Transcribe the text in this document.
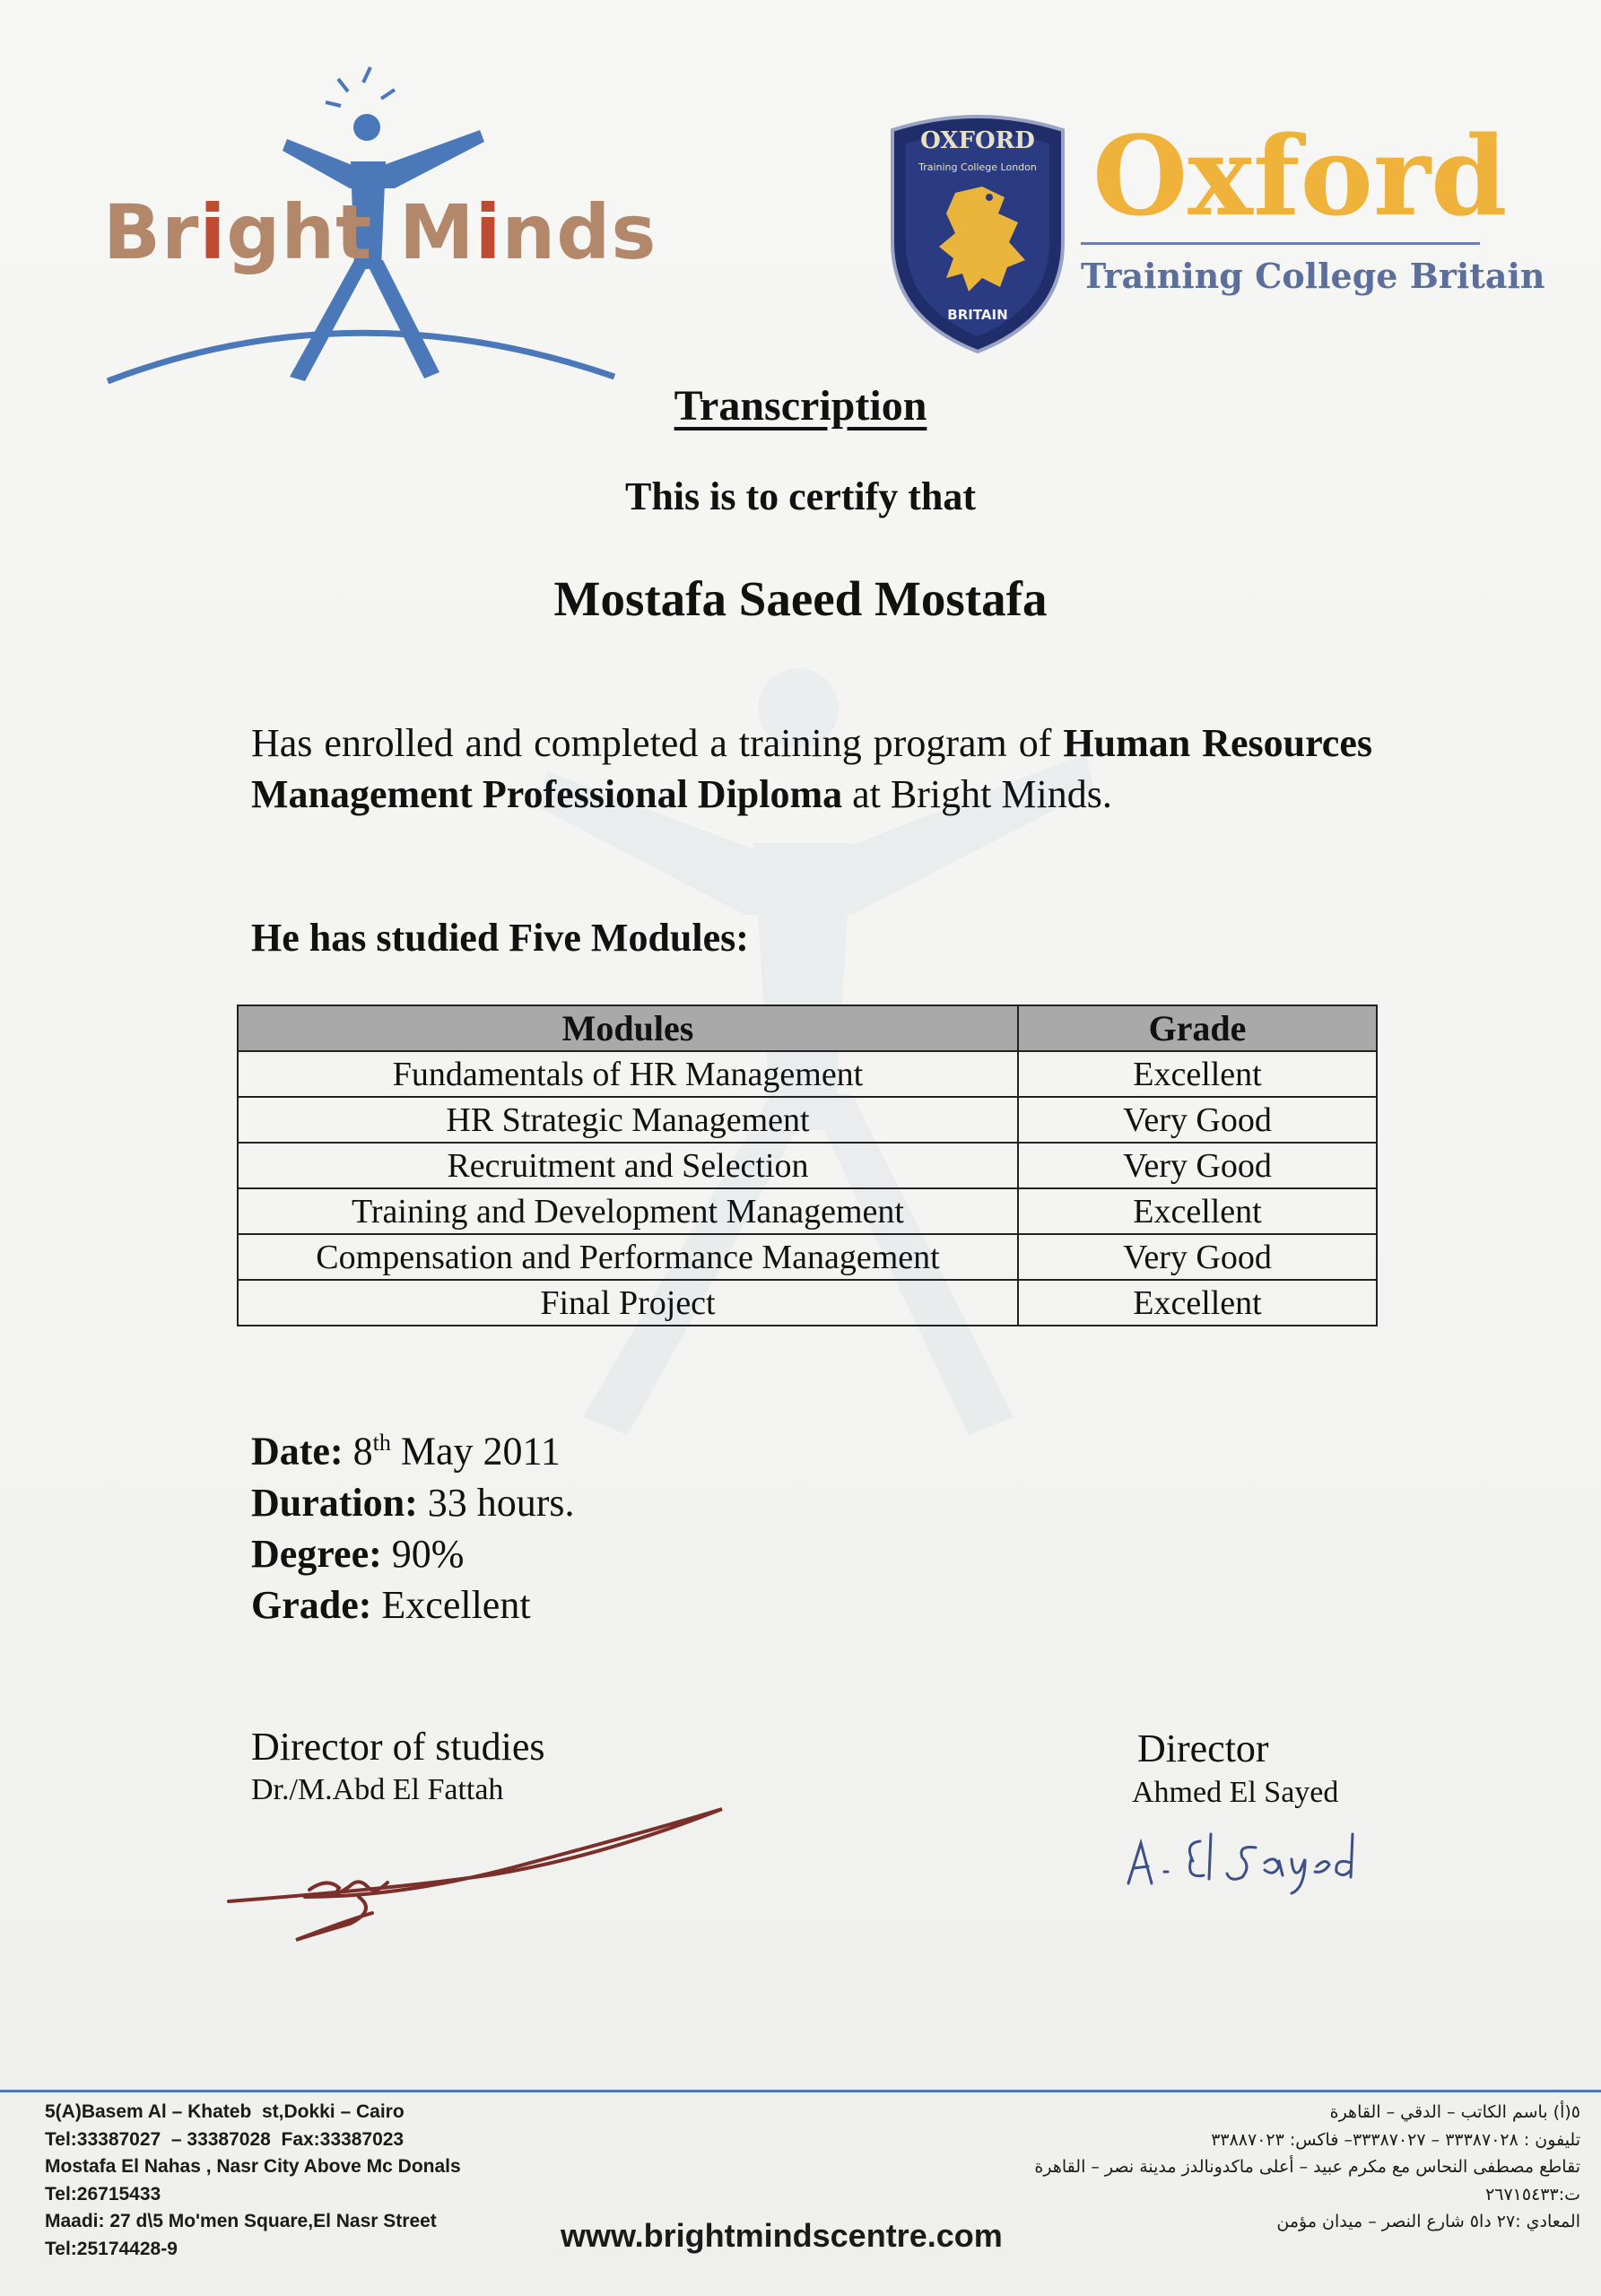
Bright Minds
OXFORD
Training College London
BRITAIN
Oxford
Training College Britain
Transcription
This is to certify that
Mostafa Saeed Mostafa
Has enrolled and completed a training program of Human Resources Management Professional Diploma at Bright Minds.
He has studied Five Modules:
Modules	Grade
Fundamentals of HR Management	Excellent
HR Strategic Management	Very Good
Recruitment and Selection	Very Good
Training and Development Management	Excellent
Compensation and Performance Management	Very Good
Final Project	Excellent
Date: 8th May 2011
Duration: 33 hours.
Degree: 90%
Grade: Excellent
Director of studies
Dr./M.Abd El Fattah
Director
Ahmed El Sayed
5(A)Basem Al – Khateb  st,Dokki – Cairo
Tel:33387027  – 33387028  Fax:33387023
Mostafa El Nahas , Nasr City Above Mc Donals
Tel:26715433
Maadi: 27 d\5 Mo'men Square,El Nasr Street
Tel:25174428-9
٥(أ) باسم الكاتب – الدقي – القاهرة
تليفون : ٣٣٣٨٧٠٢٨ – ٣٣٣٨٧٠٢٧– فاكس: ٣٣٨٨٧٠٢٣
تقاطع مصطفى النحاس مع مكرم عبيد – أعلى ماكدونالدز مدينة نصر – القاهرة
ت:٢٦٧١٥٤٣٣
المعادي :٢٧ دا٥ شارع النصر – ميدان مؤمن
www.brightmindscentre.com
